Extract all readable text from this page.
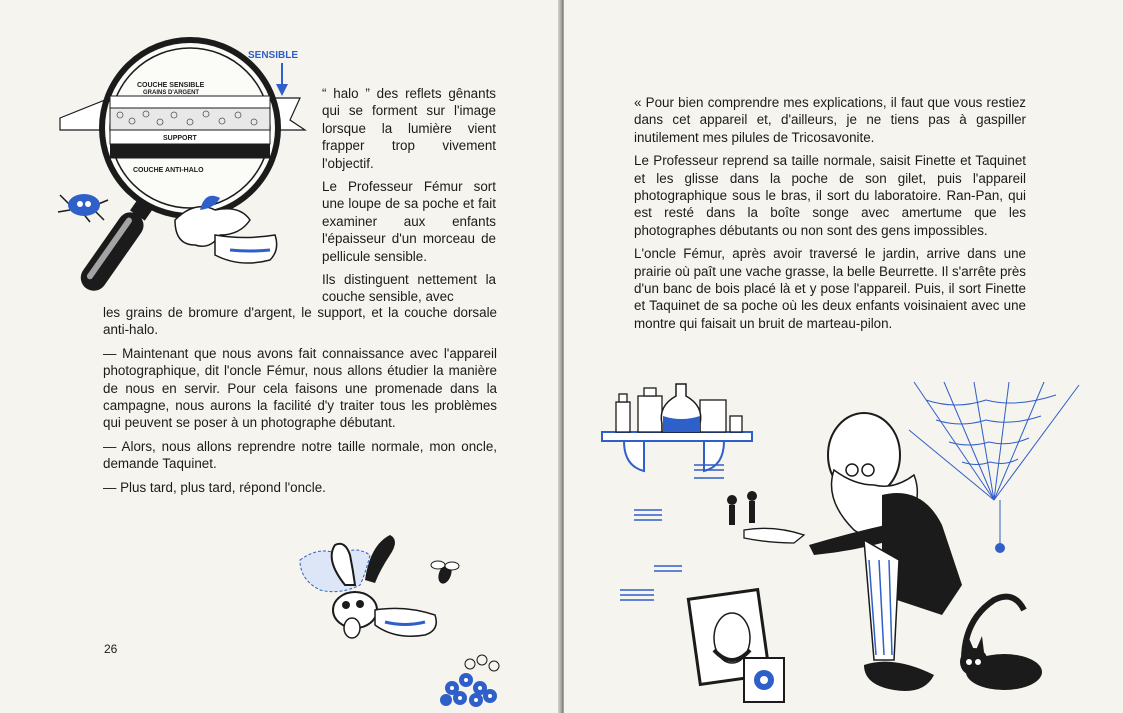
SENSIBLE
COUCHE SENSIBLE
GRAINS D'ARGENT
SUPPORT
COUCHE ANTI-HALO

“ halo ” des reflets gênants qui se forment sur l'image lorsque la lumière vient frapper trop vivement l'objectif.

Le Professeur Fémur sort une loupe de sa poche et fait examiner aux enfants l'épaisseur d'un morceau de pellicule sensible.

Ils distinguent nettement la couche sensible, avec

les grains de bromure d'argent, le support, et la couche dorsale anti-halo.

— Maintenant que nous avons fait connaissance avec l'appareil photographique, dit l'oncle Fémur, nous allons étudier la manière de nous en servir. Pour cela faisons une promenade dans la campagne, nous aurons la facilité d'y traiter tous les problèmes qui peuvent se poser à un photographe débutant.

— Alors, nous allons reprendre notre taille normale, mon oncle, demande Taquinet.

— Plus tard, plus tard, répond l'oncle.

26

« Pour bien comprendre mes explications, il faut que vous restiez dans cet appareil et, d'ailleurs, je ne tiens pas à gaspiller inutilement mes pilules de Tricosavonite.

Le Professeur reprend sa taille normale, saisit Finette et Taquinet et les glisse dans la poche de son gilet, puis l'appareil photographique sous le bras, il sort du laboratoire. Ran-Pan, qui est resté dans la boîte songe avec amertume que les photographes débutants ou non sont des gens impossibles.

L'oncle Fémur, après avoir traversé le jardin, arrive dans une prairie où paît une vache grasse, la belle Beurrette. Il s'arrête près d'un banc de bois placé là et y pose l'appareil. Puis, il sort Finette et Taquinet de sa poche où les deux enfants voisinaient avec une montre qui faisait un bruit de marteau-pilon.
